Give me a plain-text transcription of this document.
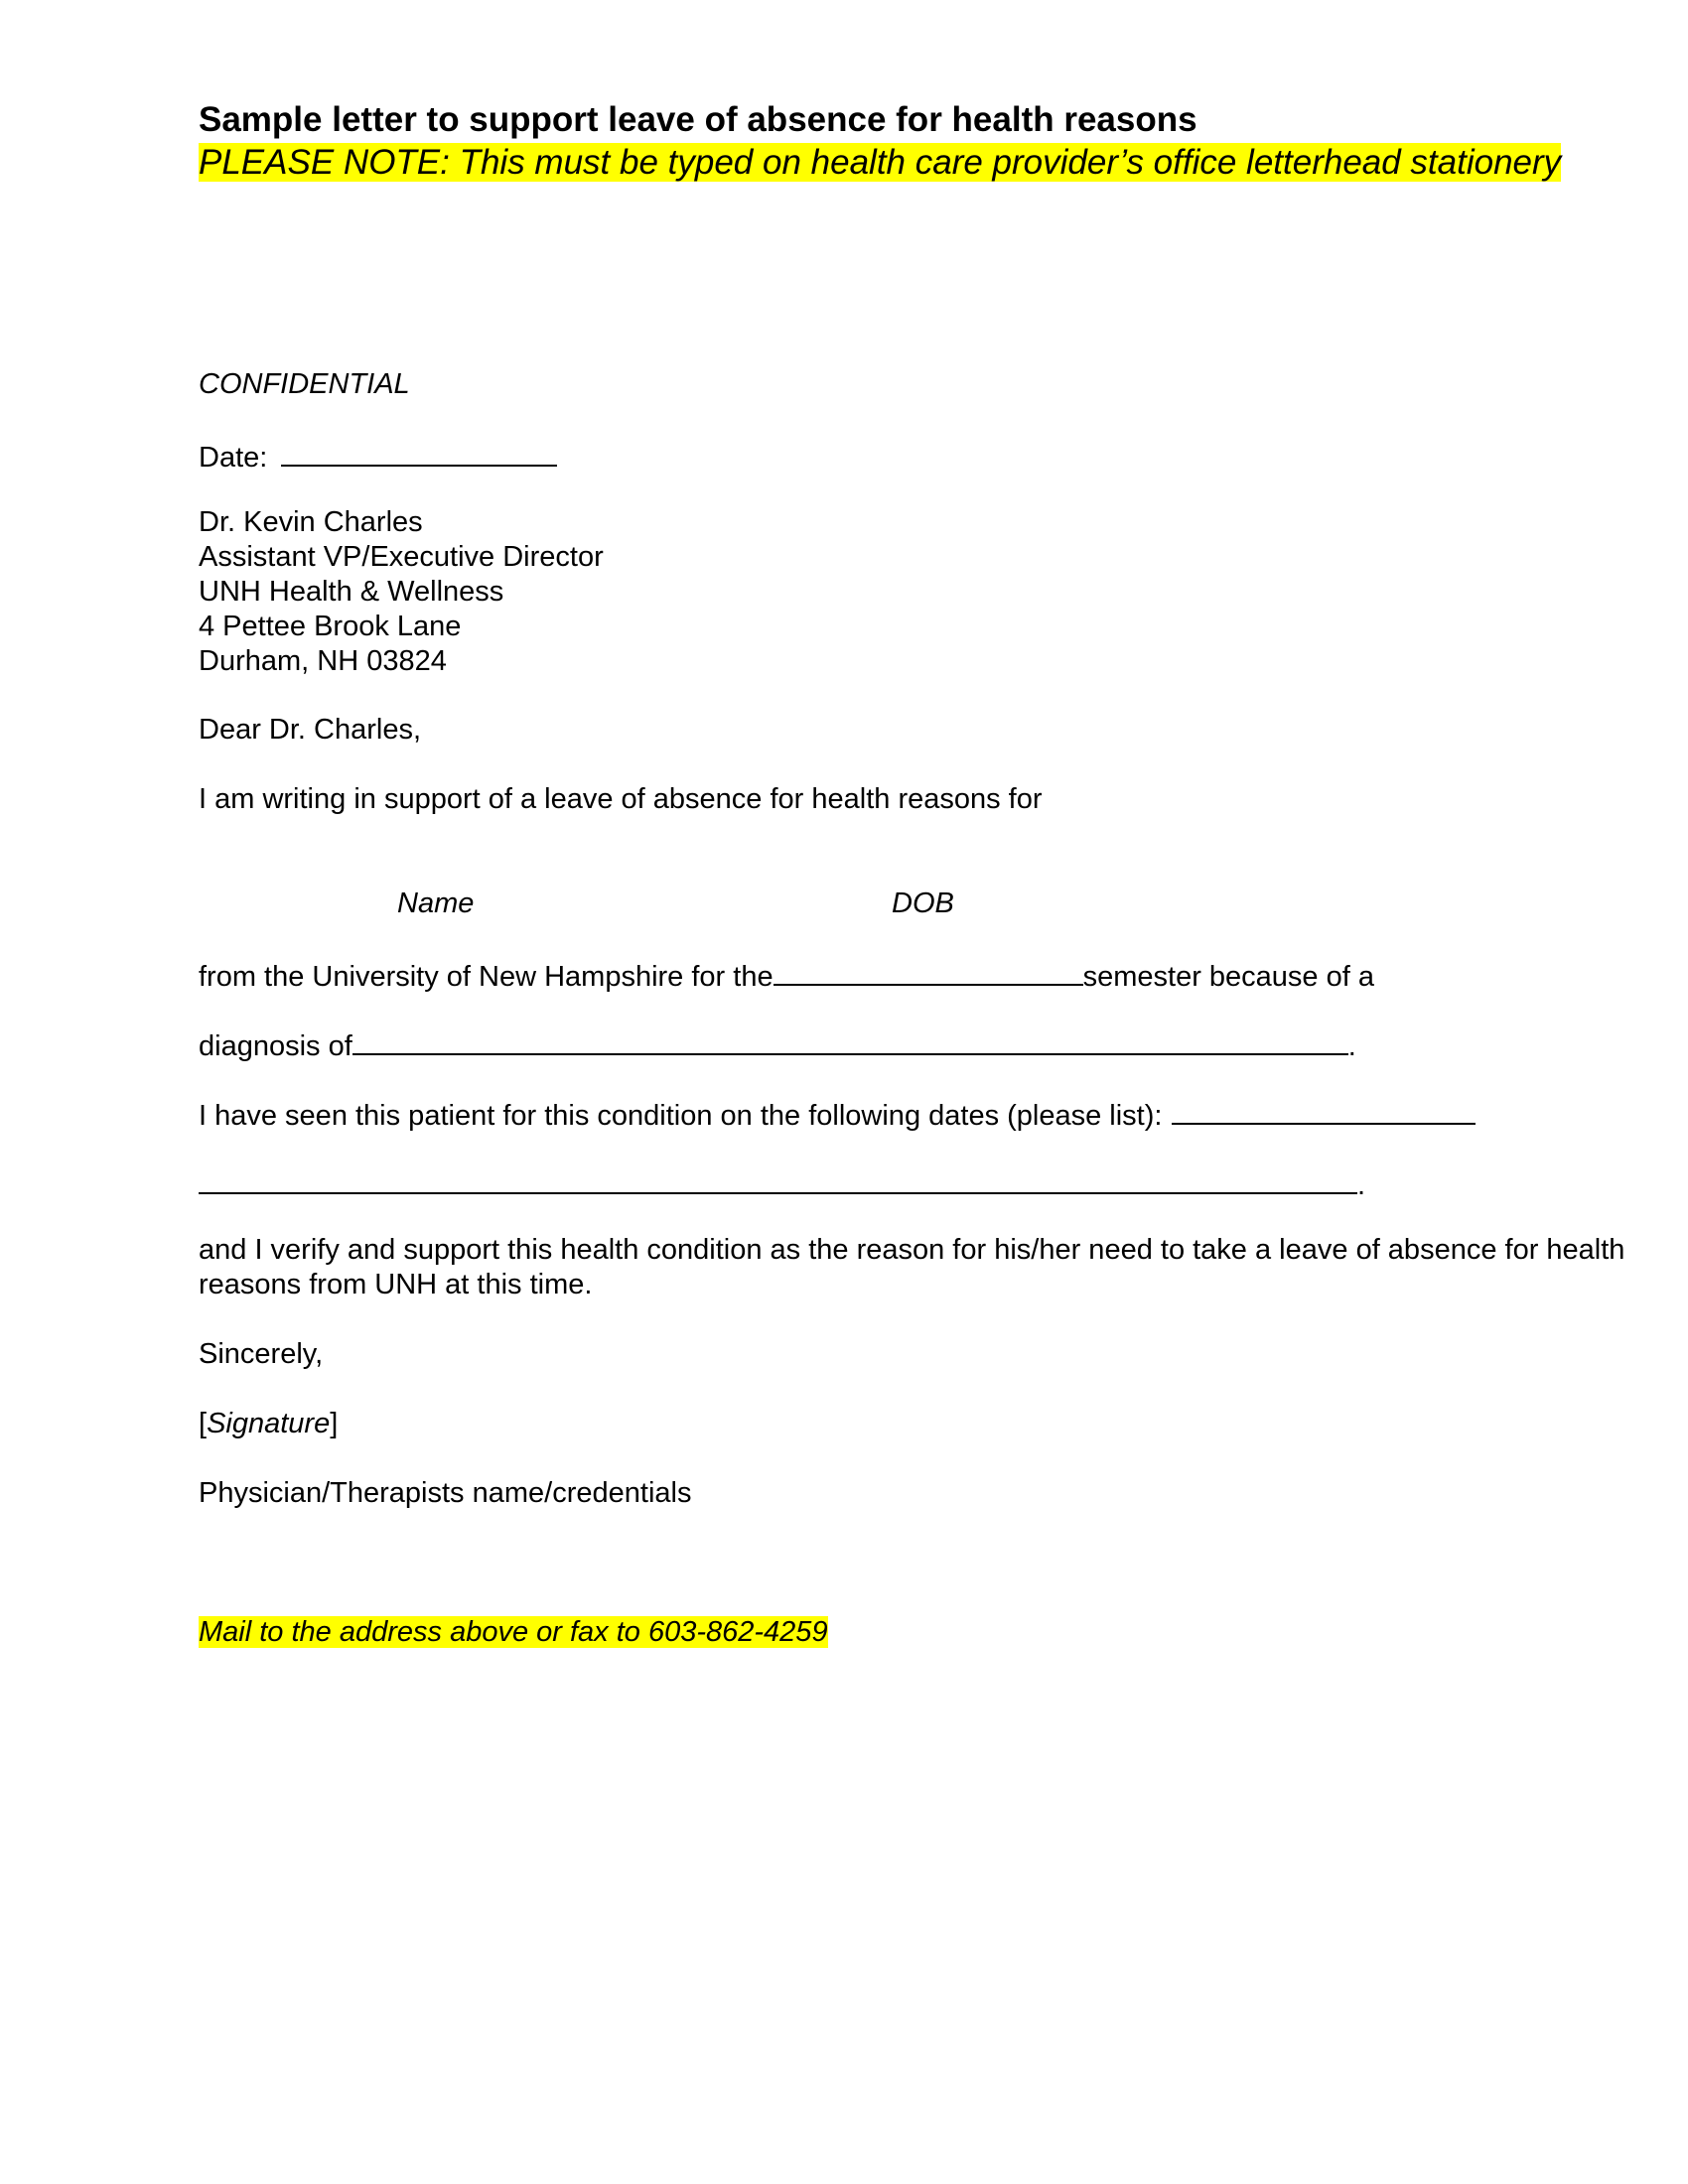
Sample letter to support leave of absence for health reasons
PLEASE NOTE: This must be typed on health care provider’s office letterhead stationery
CONFIDENTIAL
Date:
Dr. Kevin Charles
Assistant VP/Executive Director
UNH Health & Wellness
4 Pettee Brook Lane
Durham, NH 03824
Dear Dr. Charles,
I am writing in support of a leave of absence for health reasons for
Name	DOB
from the University of New Hampshire for the	semester because of a
diagnosis of	.
I have seen this patient for this condition on the following dates (please list):
.
and I verify and support this health condition as the reason for his/her need to take a leave of absence for health
reasons from UNH at this time.
Sincerely,
[Signature]
Physician/Therapists name/credentials
Mail to the address above or fax to 603-862-4259
